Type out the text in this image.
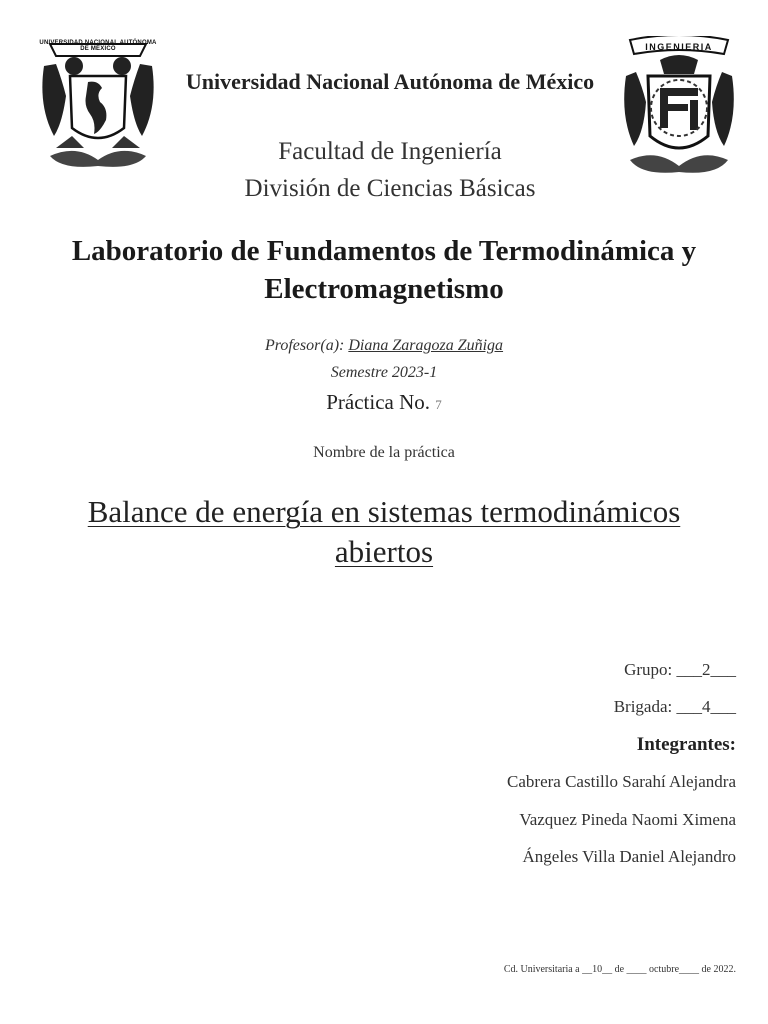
UNIVERSIDAD NACIONAL AUTÓNOMA DE MÉXICO	INGENIERIA
Universidad Nacional Autónoma de México
Facultad de Ingeniería
División de Ciencias Básicas
Laboratorio de Fundamentos de Termodinámica y Electromagnetismo
Profesor(a): Diana Zaragoza Zuñiga
Semestre 2023-1
Práctica No. 7
Nombre de la práctica
Balance de energía en sistemas termodinámicos abiertos
Grupo: ___2___
Brigada: ___4___
Integrantes:
Cabrera Castillo Sarahí Alejandra
Vazquez Pineda Naomi Ximena
Ángeles Villa Daniel Alejandro
Cd. Universitaria a __10__ de ____ octubre____ de 2022.
